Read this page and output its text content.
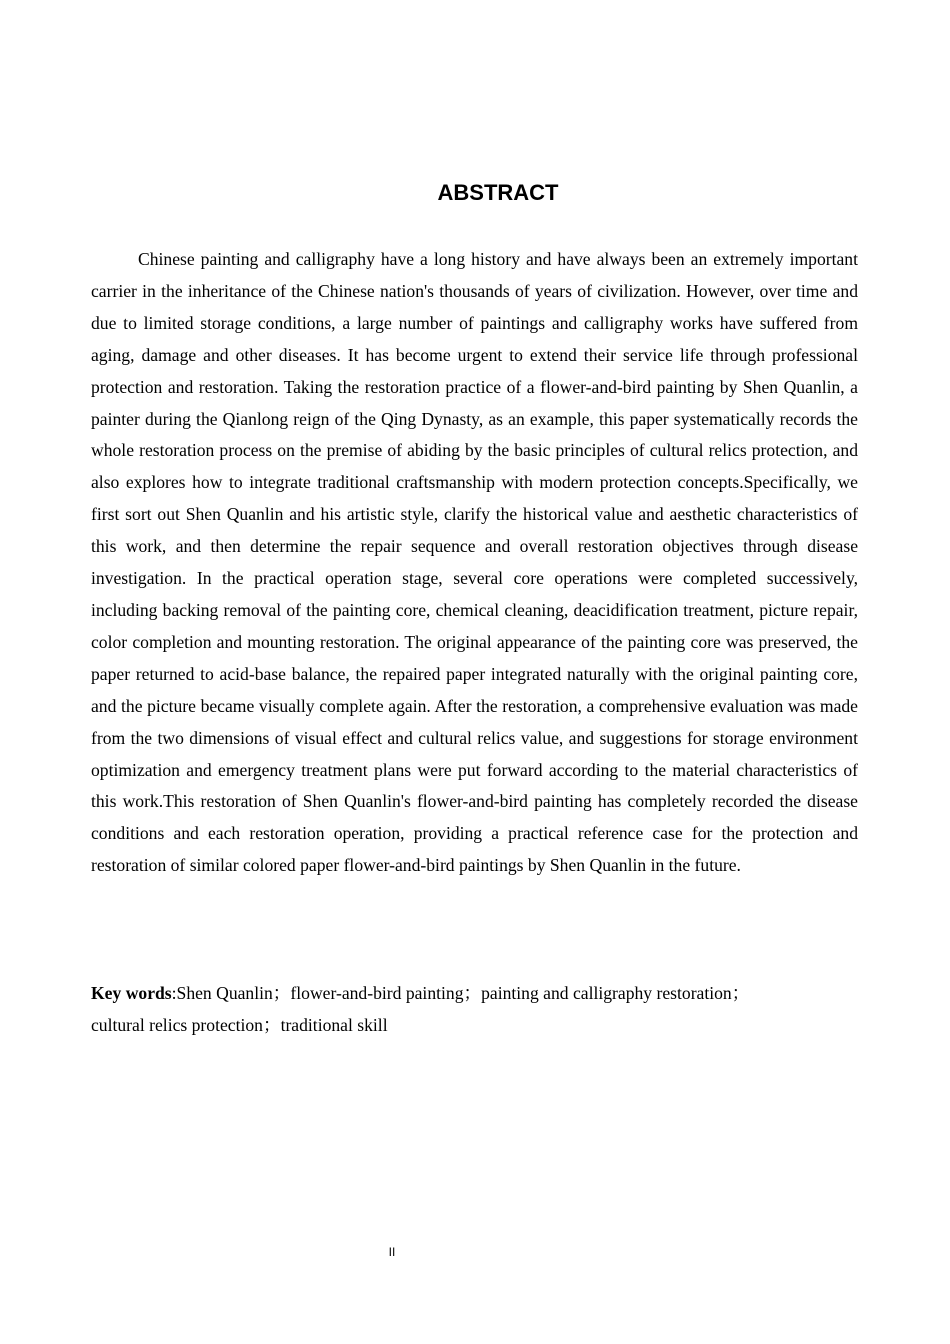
ABSTRACT

Chinese painting and calligraphy have a long history and have always been an extremely important carrier in the inheritance of the Chinese nation's thousands of years of civilization. However, over time and due to limited storage conditions, a large number of paintings and calligraphy works have suffered from aging, damage and other diseases. It has become urgent to extend their service life through professional protection and restoration. Taking the restoration practice of a flower-and-bird painting by Shen Quanlin, a painter during the Qianlong reign of the Qing Dynasty, as an example, this paper systematically records the whole restoration process on the premise of abiding by the basic principles of cultural relics protection, and also explores how to integrate traditional craftsmanship with modern protection concepts.Specifically, we first sort out Shen Quanlin and his artistic style, clarify the historical value and aesthetic characteristics of this work, and then determine the repair sequence and overall restoration objectives through disease investigation. In the practical operation stage, several core operations were completed successively, including backing removal of the painting core, chemical cleaning, deacidification treatment, picture repair, color completion and mounting restoration. The original appearance of the painting core was preserved, the paper returned to acid-base balance, the repaired paper integrated naturally with the original painting core, and the picture became visually complete again. After the restoration, a comprehensive evaluation was made from the two dimensions of visual effect and cultural relics value, and suggestions for storage environment optimization and emergency treatment plans were put forward according to the material characteristics of this work.This restoration of Shen Quanlin's flower-and-bird painting has completely recorded the disease conditions and each restoration operation, providing a practical reference case for the protection and restoration of similar colored paper flower-and-bird paintings by Shen Quanlin in the future.

Key words:Shen Quanlin；flower-and-bird painting；painting and calligraphy restoration；
cultural relics protection；traditional skill

II
